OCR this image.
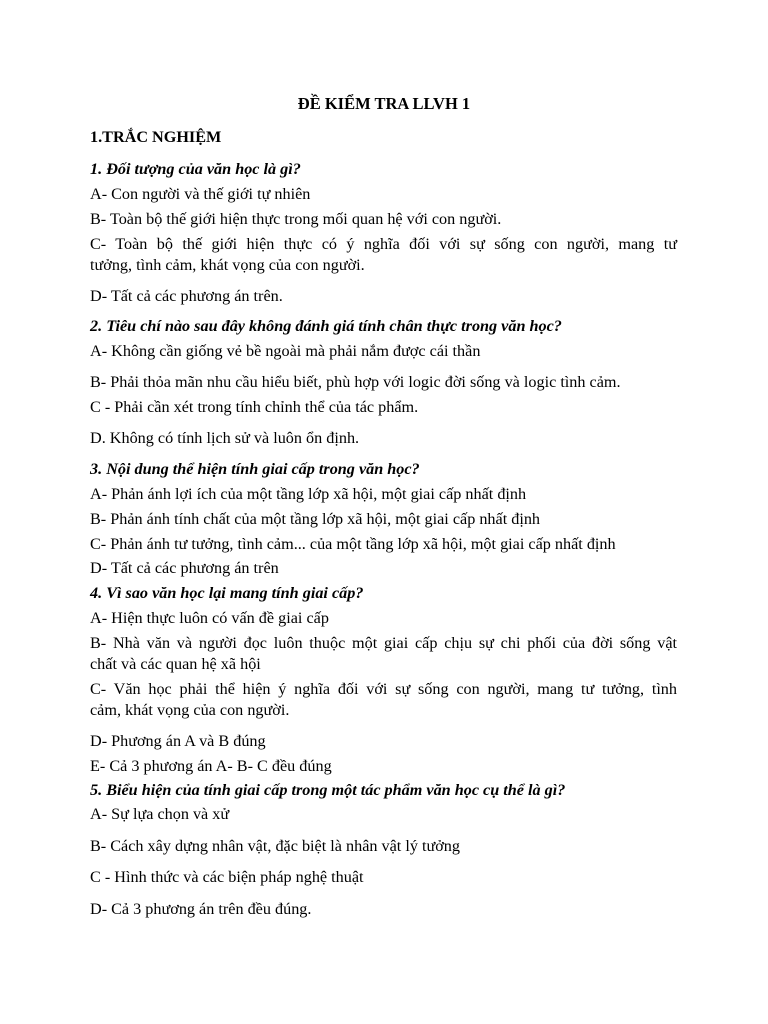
ĐỀ KIỂM TRA LLVH 1
1.TRẮC NGHIỆM
1. Đối tượng của văn học là gì?
A- Con người và thế giới tự nhiên
B- Toàn bộ thế giới hiện thực trong mối quan hệ với con người.
C- Toàn bộ thế giới hiện thực có ý nghĩa đối với sự sống con người, mang tư
tưởng, tình cảm, khát vọng của con người.
D- Tất cả các phương án trên.
2. Tiêu chí nào sau đây không đánh giá tính chân thực trong văn học?
A- Không cần giống vẻ bề ngoài mà phải nắm được cái thần
B- Phải thỏa mãn nhu cầu hiểu biết, phù hợp với logic đời sống và logic tình cảm.
C - Phải cần xét trong tính chỉnh thể của tác phẩm.
D. Không có tính lịch sử và luôn ổn định.
3. Nội dung thể hiện tính giai cấp trong văn học?
A- Phản ánh lợi ích của một tầng lớp xã hội, một giai cấp nhất định
B- Phản ánh tính chất của một tầng lớp xã hội, một giai cấp nhất định
C- Phản ánh tư tưởng, tình cảm... của một tầng lớp xã hội, một giai cấp nhất định
D- Tất cả các phương án trên
4. Vì sao văn học lại mang tính giai cấp?
A- Hiện thực luôn có vấn đề giai cấp
B- Nhà văn và người đọc luôn thuộc một giai cấp chịu sự chi phối của đời sống vật
chất và các quan hệ xã hội
C- Văn học phải thể hiện ý nghĩa đối với sự sống con người, mang tư tưởng, tình
cảm, khát vọng của con người.
D- Phương án A và B đúng
E- Cả 3 phương án A- B- C đều đúng
5. Biểu hiện của tính giai cấp trong một tác phẩm văn học cụ thể là gì?
A- Sự lựa chọn và xử
B- Cách xây dựng nhân vật, đặc biệt là nhân vật lý tưởng
C - Hình thức và các biện pháp nghệ thuật
D- Cả 3 phương án trên đều đúng.
